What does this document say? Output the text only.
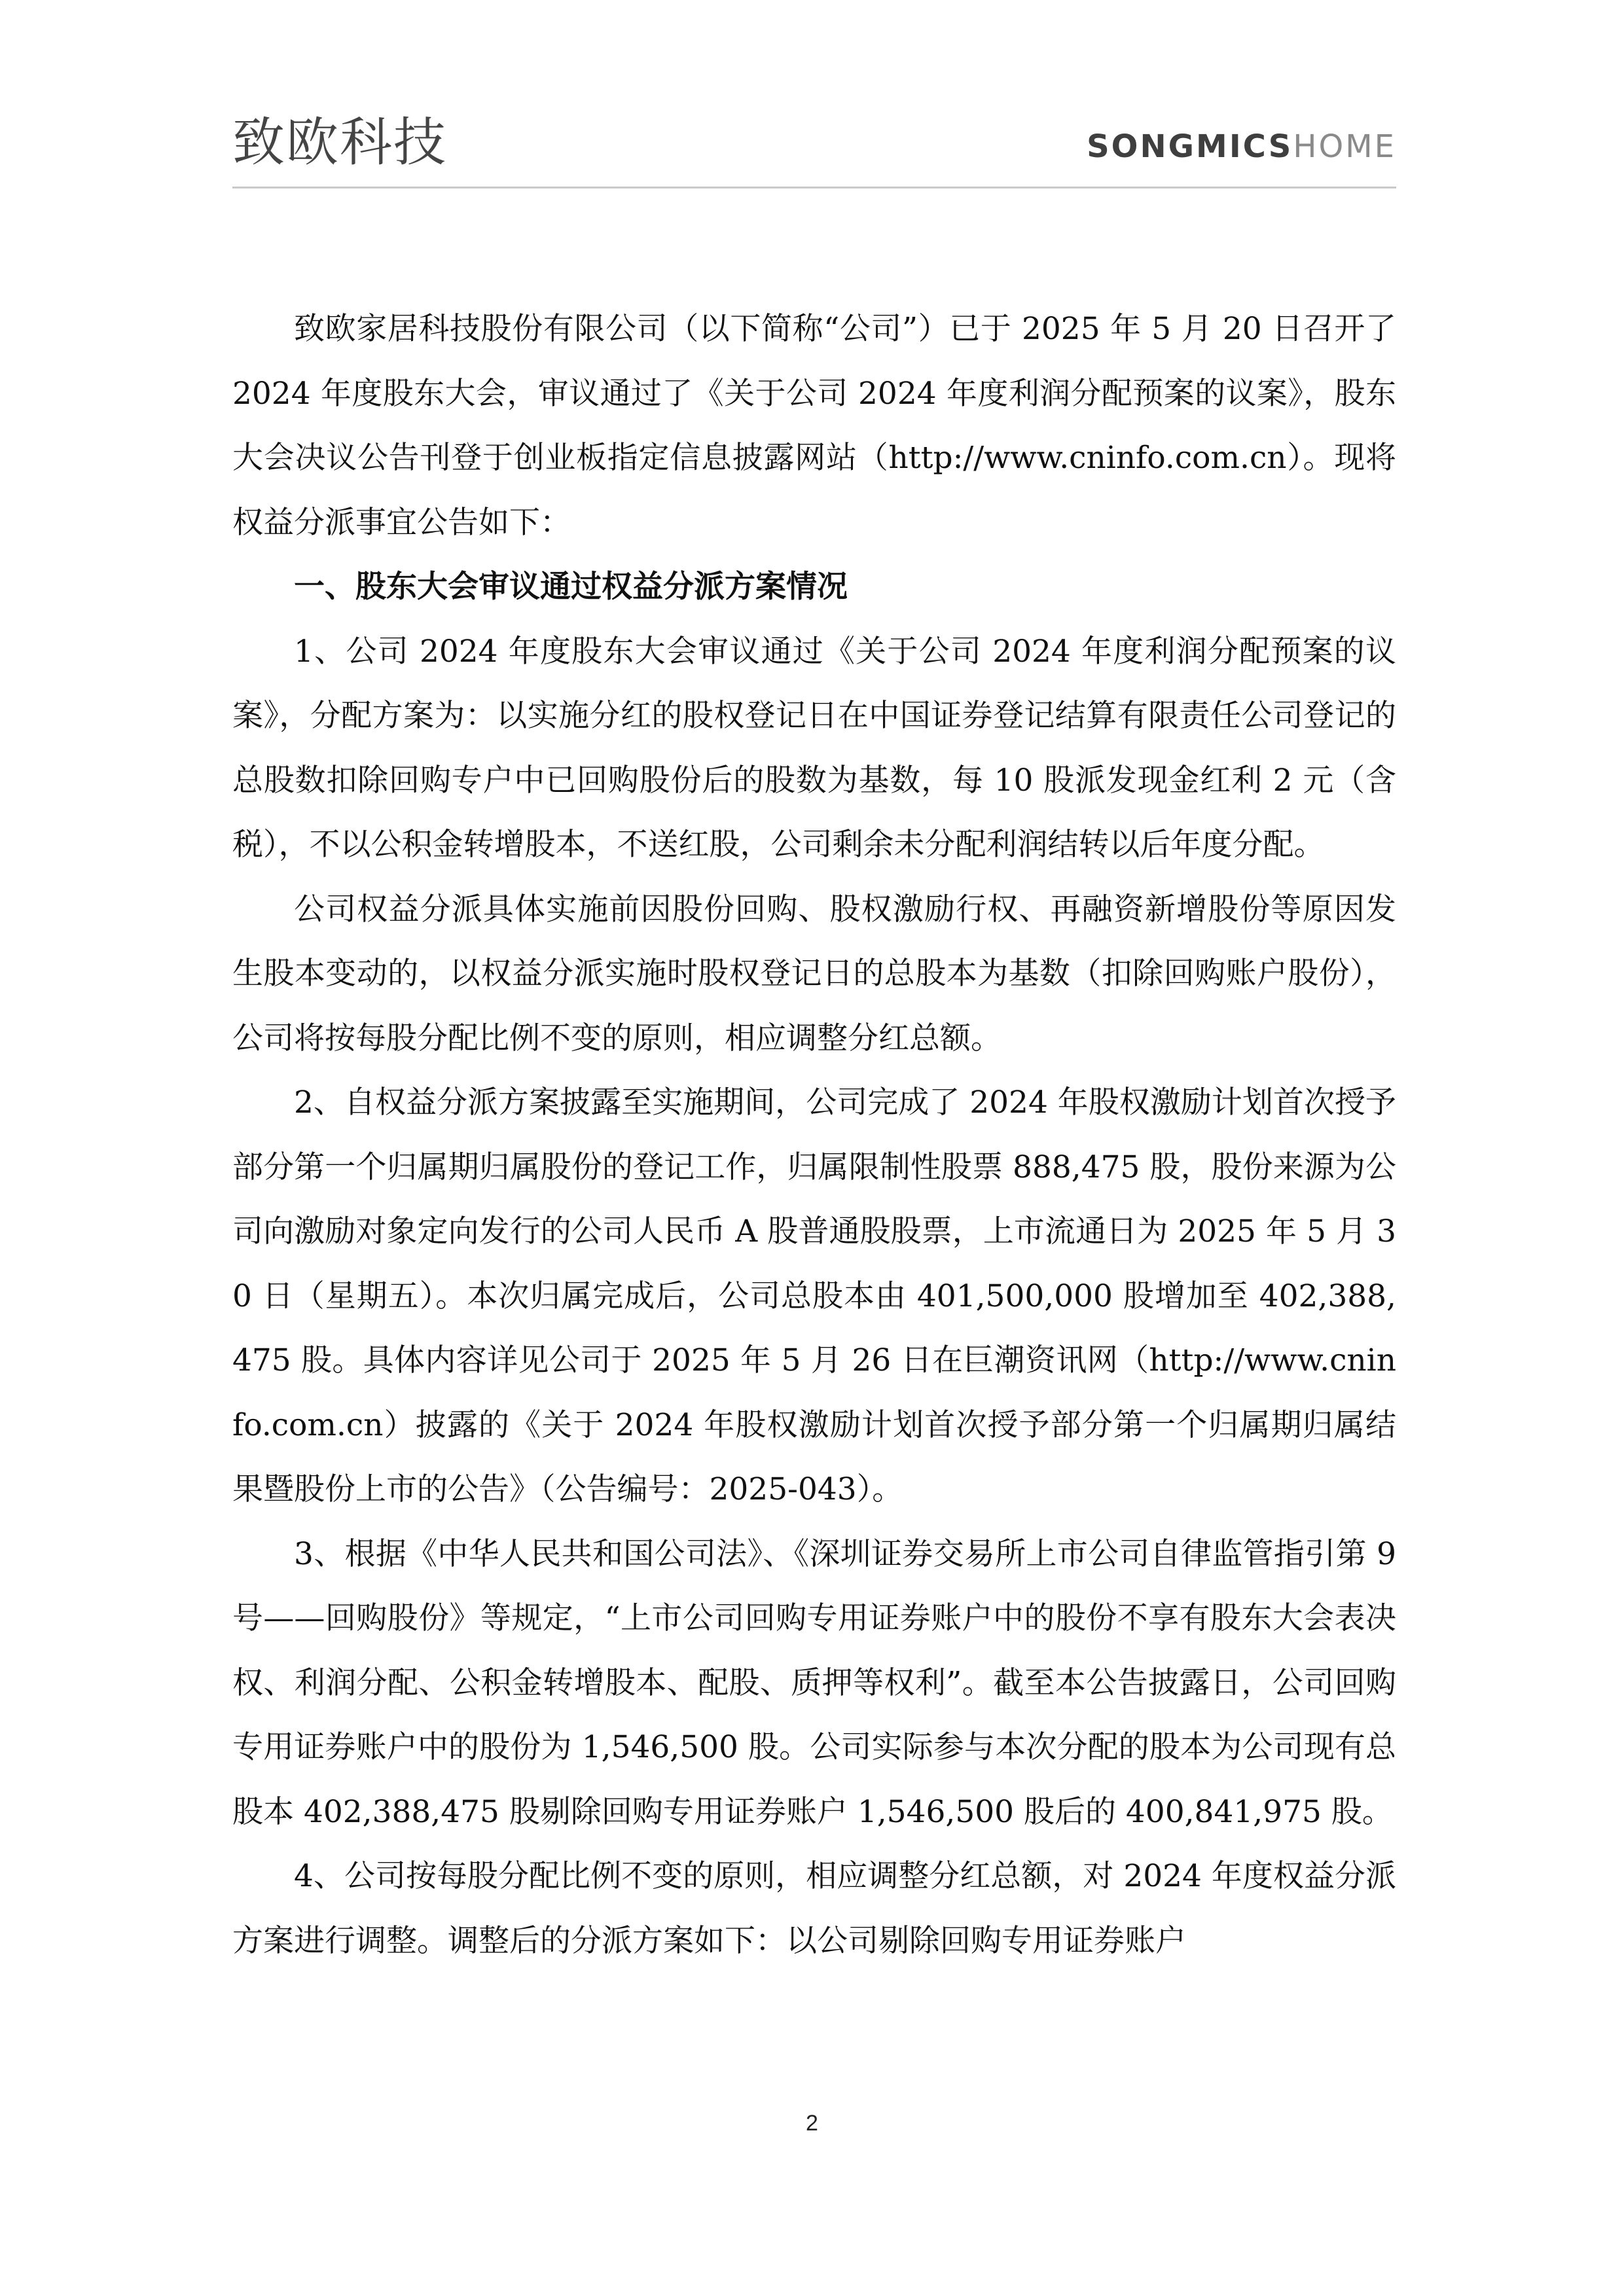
致欧科技	SONGMICSHOME

致欧家居科技股份有限公司（以下简称“公司”）已于 2025 年 5 月 20 日召开了 2024 年度股东大会，审议通过了《关于公司 2024 年度利润分配预案的议案》，股东大会决议公告刊登于创业板指定信息披露网站（http://www.cninfo.com.cn）。现将权益分派事宜公告如下：

一、股东大会审议通过权益分派方案情况

1、公司 2024 年度股东大会审议通过《关于公司 2024 年度利润分配预案的议案》，分配方案为：以实施分红的股权登记日在中国证券登记结算有限责任公司登记的总股数扣除回购专户中已回购股份后的股数为基数，每 10 股派发现金红利 2 元（含税），不以公积金转增股本，不送红股，公司剩余未分配利润结转以后年度分配。

公司权益分派具体实施前因股份回购、股权激励行权、再融资新增股份等原因发生股本变动的，以权益分派实施时股权登记日的总股本为基数（扣除回购账户股份），公司将按每股分配比例不变的原则，相应调整分红总额。

2、自权益分派方案披露至实施期间，公司完成了 2024 年股权激励计划首次授予部分第一个归属期归属股份的登记工作，归属限制性股票 888,475 股，股份来源为公司向激励对象定向发行的公司人民币 A 股普通股股票，上市流通日为 2025 年 5 月 30 日（星期五）。本次归属完成后，公司总股本由 401,500,000 股增加至 402,388,475 股。具体内容详见公司于 2025 年 5 月 26 日在巨潮资讯网（http://www.cninfo.com.cn）披露的《关于 2024 年股权激励计划首次授予部分第一个归属期归属结果暨股份上市的公告》（公告编号：2025-043）。

3、根据《中华人民共和国公司法》、《深圳证券交易所上市公司自律监管指引第 9 号——回购股份》等规定，“上市公司回购专用证券账户中的股份不享有股东大会表决权、利润分配、公积金转增股本、配股、质押等权利”。截至本公告披露日，公司回购专用证券账户中的股份为 1,546,500 股。公司实际参与本次分配的股本为公司现有总股本 402,388,475 股剔除回购专用证券账户 1,546,500 股后的 400,841,975 股。

4、公司按每股分配比例不变的原则，相应调整分红总额，对 2024 年度权益分派方案进行调整。调整后的分派方案如下：以公司剔除回购专用证券账户

2
